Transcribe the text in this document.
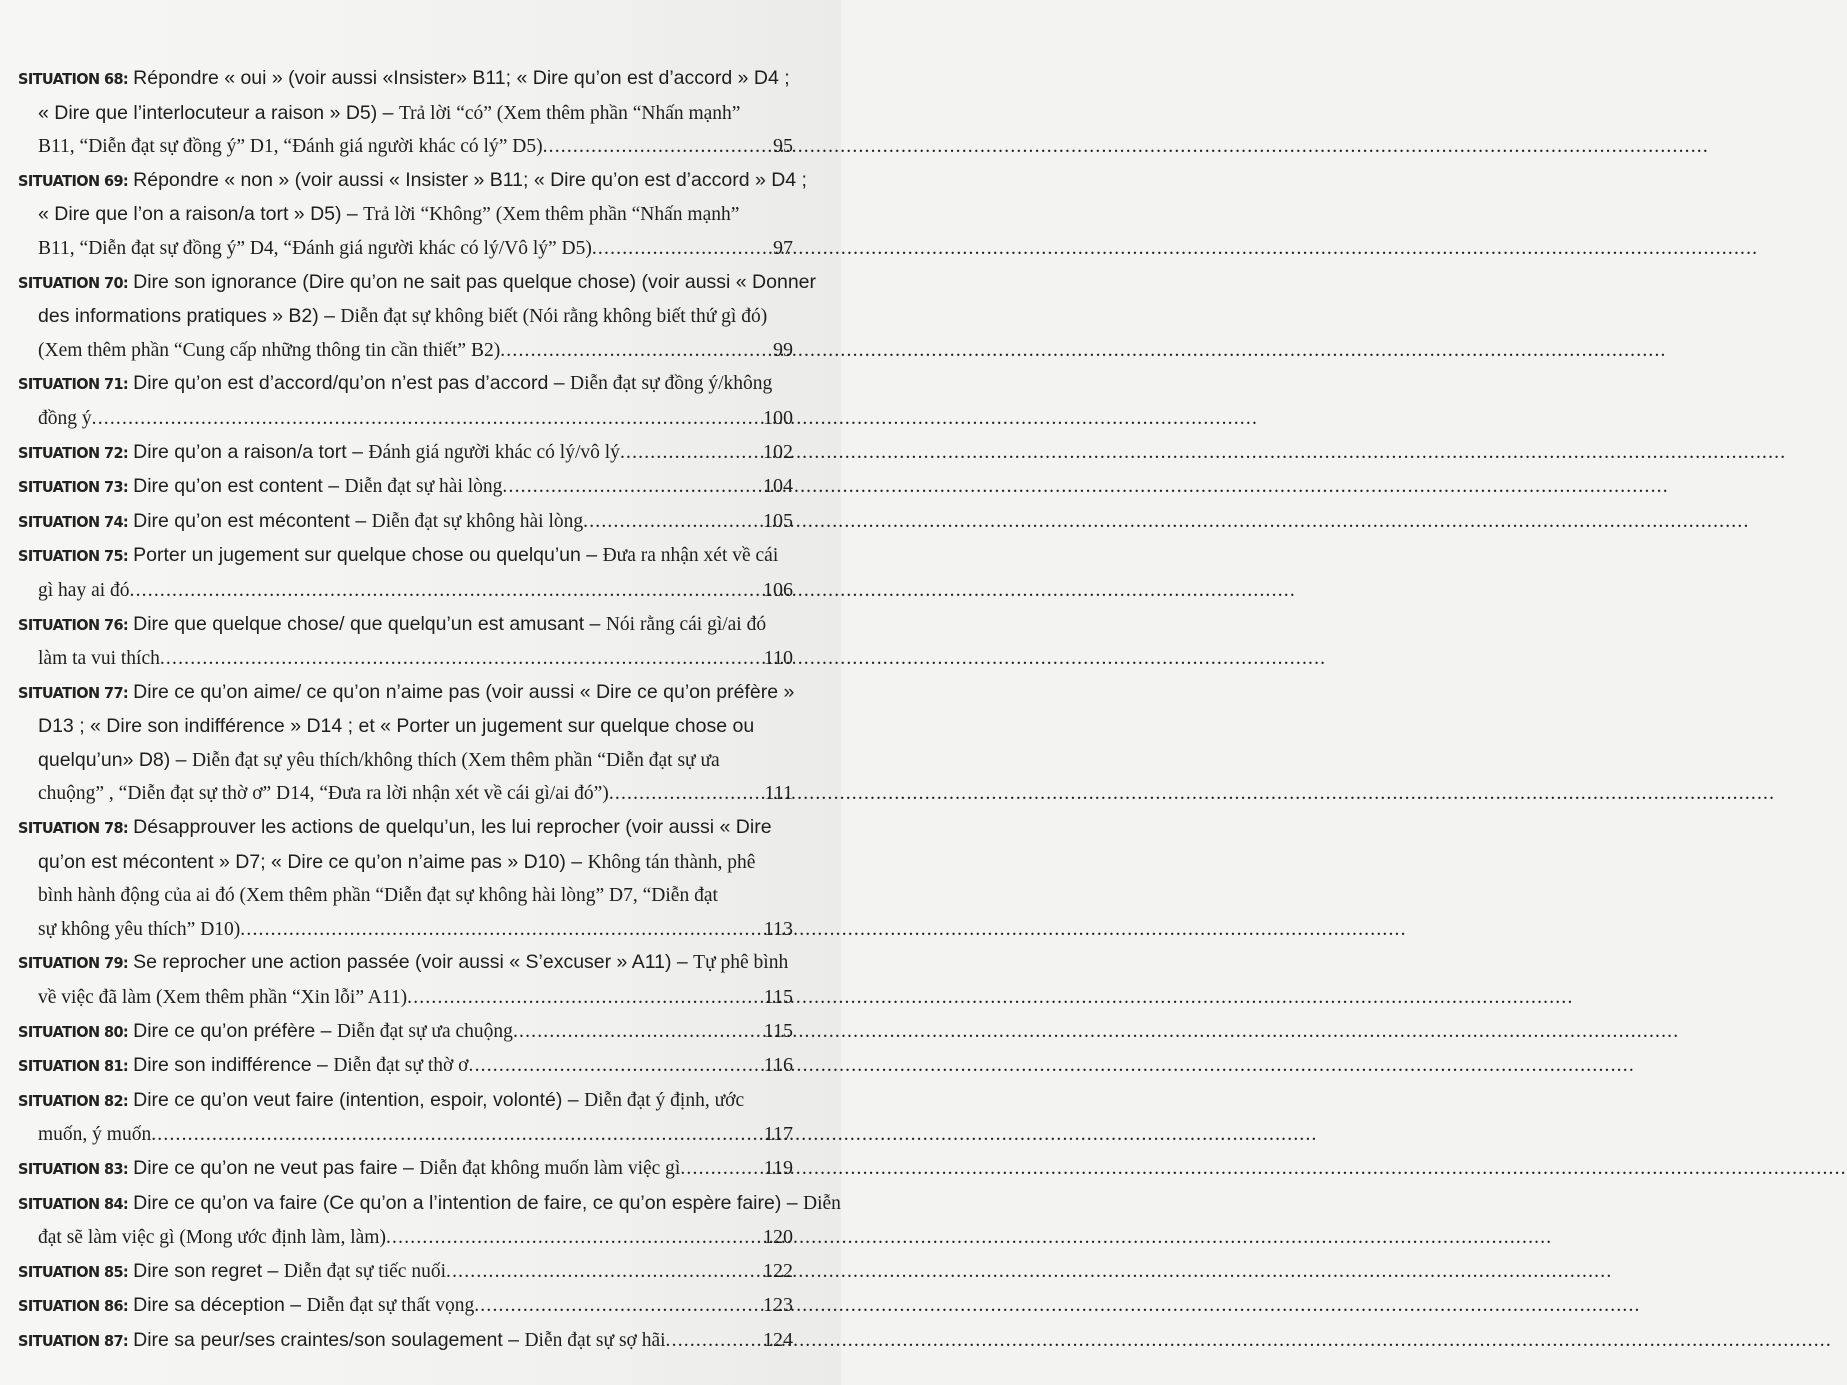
SITUATION 68: Répondre « oui » (voir aussi «Insister» B11; « Dire qu’on est d’accord » D4 ;
« Dire que l’interlocuteur a raison » D5) – Trả lời “có” (Xem thêm phần “Nhấn mạnh”
B11, “Diễn đạt sự đồng ý” D1, “Đánh giá người khác có lý” D5) .....	95
SITUATION 69: Répondre « non » (voir aussi « Insister » B11; « Dire qu’on est d’accord » D4 ;
« Dire que l’on a raison/a tort » D5) – Trả lời “Không” (Xem thêm phần “Nhấn mạnh”
B11, “Diễn đạt sự đồng ý” D4, “Đánh giá người khác có lý/Vô lý” D5) .....	97
SITUATION 70: Dire son ignorance (Dire qu’on ne sait pas quelque chose) (voir aussi « Donner
des informations pratiques » B2) – Diễn đạt sự không biết (Nói rằng không biết thứ gì đó)
(Xem thêm phần “Cung cấp những thông tin cần thiết” B2) .....	99
SITUATION 71: Dire qu’on est d’accord/qu’on n’est pas d’accord – Diễn đạt sự đồng ý/không
đồng ý .....	100
SITUATION 72: Dire qu’on a raison/a tort – Đánh giá người khác có lý/vô lý .....	102
SITUATION 73: Dire qu’on est content – Diễn đạt sự hài lòng .....	104
SITUATION 74: Dire qu’on est mécontent – Diễn đạt sự không hài lòng .....	105
SITUATION 75: Porter un jugement sur quelque chose ou quelqu’un – Đưa ra nhận xét về cái
gì hay ai đó .....	106
SITUATION 76: Dire que quelque chose/ que quelqu’un est amusant – Nói rằng cái gì/ai đó
làm ta vui thích .....	110
SITUATION 77: Dire ce qu’on aime/ ce qu’on n’aime pas (voir aussi « Dire ce qu’on préfère »
D13 ; « Dire son indifférence » D14 ; et « Porter un jugement sur quelque chose ou
quelqu’un» D8) – Diễn đạt sự yêu thích/không thích (Xem thêm phần “Diễn đạt sự ưa
chuộng” , “Diễn đạt sự thờ ơ” D14, “Đưa ra lời nhận xét về cái gì/ai đó”) .....	111
SITUATION 78: Désapprouver les actions de quelqu’un, les lui reprocher (voir aussi « Dire
qu’on est mécontent » D7; « Dire ce qu’on n’aime pas » D10) – Không tán thành, phê
bình hành động của ai đó (Xem thêm phần “Diễn đạt sự không hài lòng” D7, “Diễn đạt
sự không yêu thích” D10) .....	113
SITUATION 79: Se reprocher une action passée (voir aussi « S’excuser » A11) – Tự phê bình
về việc đã làm (Xem thêm phần “Xin lỗi” A11) .....	115
SITUATION 80: Dire ce qu’on préfère – Diễn đạt sự ưa chuộng .....	115
SITUATION 81: Dire son indifférence – Diễn đạt sự thờ ơ .....	116
SITUATION 82: Dire ce qu’on veut faire (intention, espoir, volonté) – Diễn đạt ý định, ước
muốn, ý muốn .....	117
SITUATION 83: Dire ce qu’on ne veut pas faire – Diễn đạt không muốn làm việc gì .....	119
SITUATION 84: Dire ce qu’on va faire (Ce qu’on a l’intention de faire, ce qu’on espère faire) – Diễn
đạt sẽ làm việc gì (Mong ước định làm, làm) .....	120
SITUATION 85: Dire son regret – Diễn đạt sự tiếc nuối .....	122
SITUATION 86: Dire sa déception – Diễn đạt sự thất vọng .....	123
SITUATION 87: Dire sa peur/ses craintes/son soulagement – Diễn đạt sự sợ hãi .....	124
